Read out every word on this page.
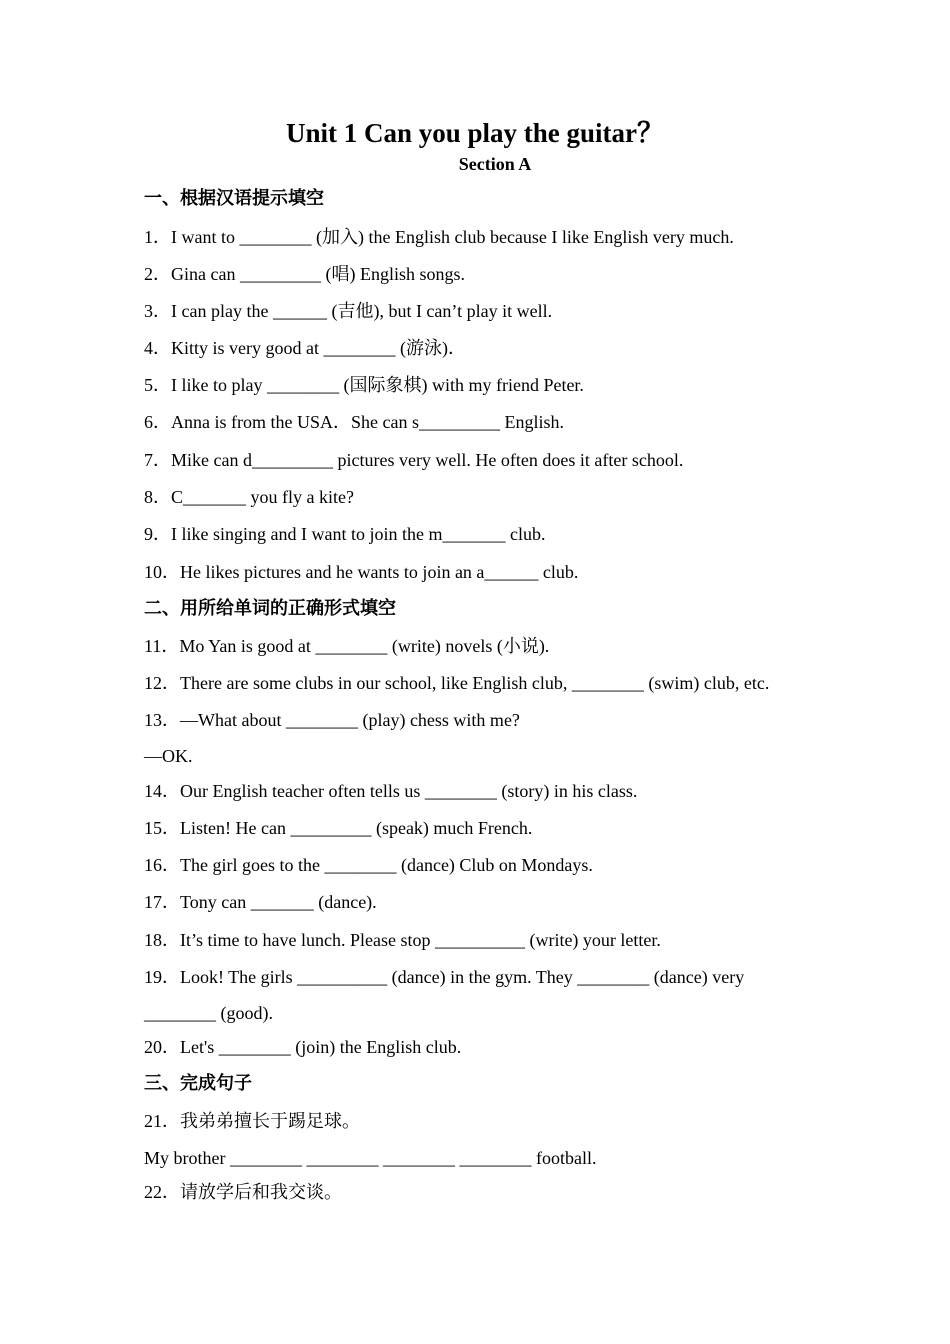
Unit 1 Can you play the guitar？
Section A
一、根据汉语提示填空
1．I want to ________ (加入) the English club because I like English very much.
2．Gina can _________ (唱) English songs.
3．I can play the ______ (吉他), but I can’t play it well.
4．Kitty is very good at ________ (游泳)．
5．I like to play ________ (国际象棋) with my friend Peter.
6．Anna is from the USA．She can s_________ English.
7．Mike can d_________ pictures very well. He often does it after school.
8．C_______ you fly a kite?
9．I like singing and I want to join the m_______ club.
10．He likes pictures and he wants to join an a______ club.
二、用所给单词的正确形式填空
11．Mo Yan is good at ________ (write) novels (小说).
12．There are some clubs in our school, like English club, ________ (swim) club, etc.
13．—What about ________ (play) chess with me?
—OK.
14．Our English teacher often tells us ________ (story) in his class.
15．Listen! He can _________ (speak) much French.
16．The girl goes to the ________ (dance) Club on Mondays.
17．Tony can _______ (dance).
18．It’s time to have lunch. Please stop __________ (write) your letter.
19．Look! The girls __________ (dance) in the gym. They ________ (dance) very
________ (good).
20．Let's ________ (join) the English club.
三、完成句子
21．我弟弟擅长于踢足球。
My brother ________ ________ ________ ________ football.
22．请放学后和我交谈。
